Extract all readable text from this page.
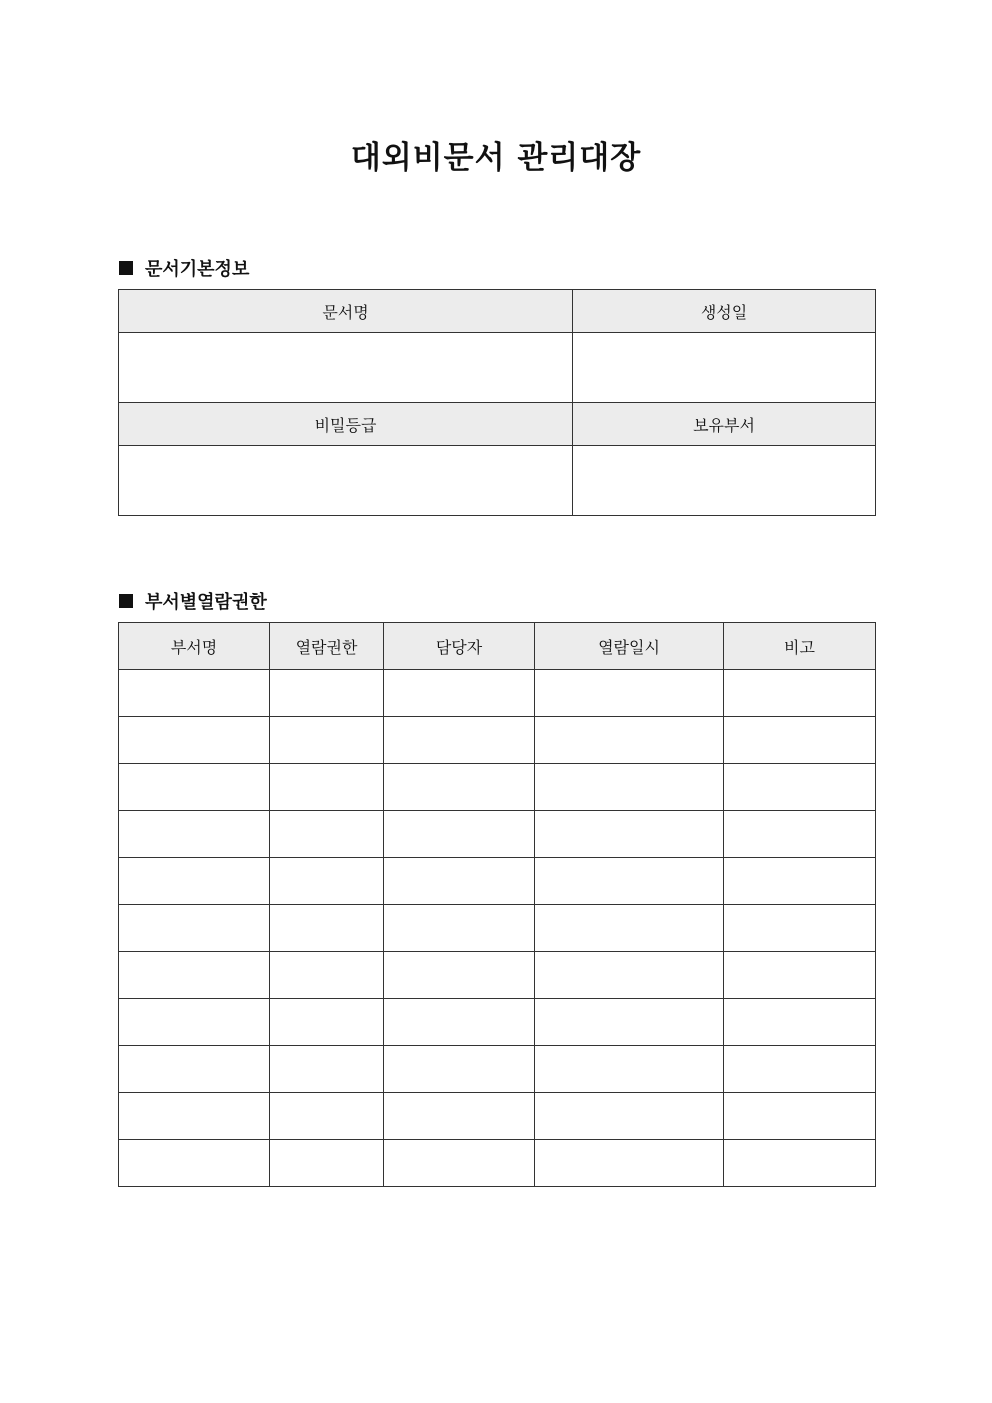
대외비문서 관리대장
문서기본정보
문서명	생성일

비밀등급	보유부서

부서별열람권한
부서명	열람권한	담당자	열람일시	비고
